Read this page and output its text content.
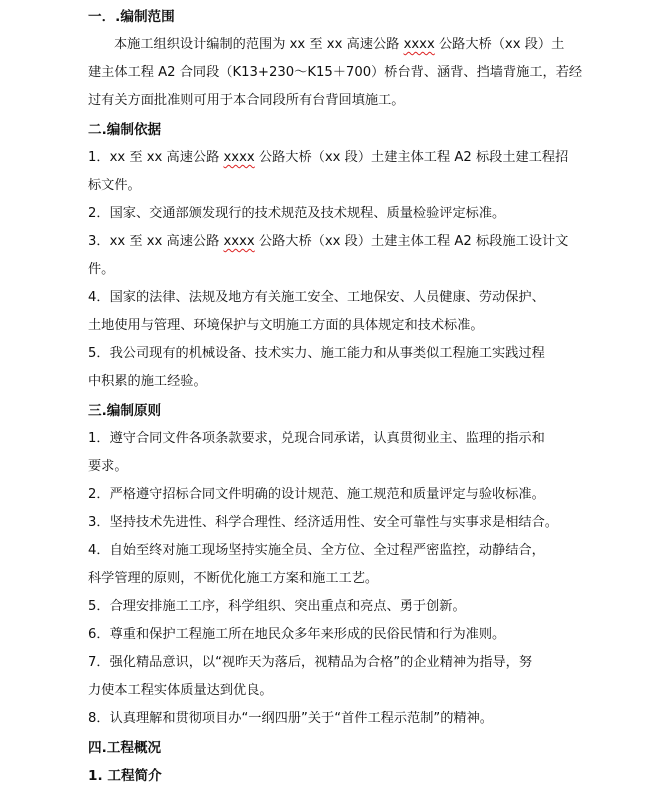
一．.编制范围
本施工组织设计编制的范围为 xx 至 xx 高速公路 xxxx 公路大桥（xx 段）土
建主体工程 A2 合同段（K13+230～K15＋700）桥台背、涵背、挡墙背施工，若经
过有关方面批准则可用于本合同段所有台背回填施工。
二.编制依据
1．xx 至 xx 高速公路 xxxx 公路大桥（xx 段）土建主体工程 A2 标段土建工程招
标文件。
2．国家、交通部颁发现行的技术规范及技术规程、质量检验评定标准。
3．xx 至 xx 高速公路 xxxx 公路大桥（xx 段）土建主体工程 A2 标段施工设计文
件。
4．国家的法律、法规及地方有关施工安全、工地保安、人员健康、劳动保护、
土地使用与管理、环境保护与文明施工方面的具体规定和技术标准。
5．我公司现有的机械设备、技术实力、施工能力和从事类似工程施工实践过程
中积累的施工经验。
三.编制原则
1．遵守合同文件各项条款要求，兑现合同承诺，认真贯彻业主、监理的指示和
要求。
2．严格遵守招标合同文件明确的设计规范、施工规范和质量评定与验收标准。
3．坚持技术先进性、科学合理性、经济适用性、安全可靠性与实事求是相结合。
4．自始至终对施工现场坚持实施全员、全方位、全过程严密监控，动静结合，
科学管理的原则，不断优化施工方案和施工工艺。
5．合理安排施工工序，科学组织、突出重点和亮点、勇于创新。
6．尊重和保护工程施工所在地民众多年来形成的民俗民情和行为准则。
7．强化精品意识，以“视昨天为落后，视精品为合格”的企业精神为指导，努
力使本工程实体质量达到优良。
8．认真理解和贯彻项目办“一纲四册”关于“首件工程示范制”的精神。
四.工程概况
1. 工程简介
